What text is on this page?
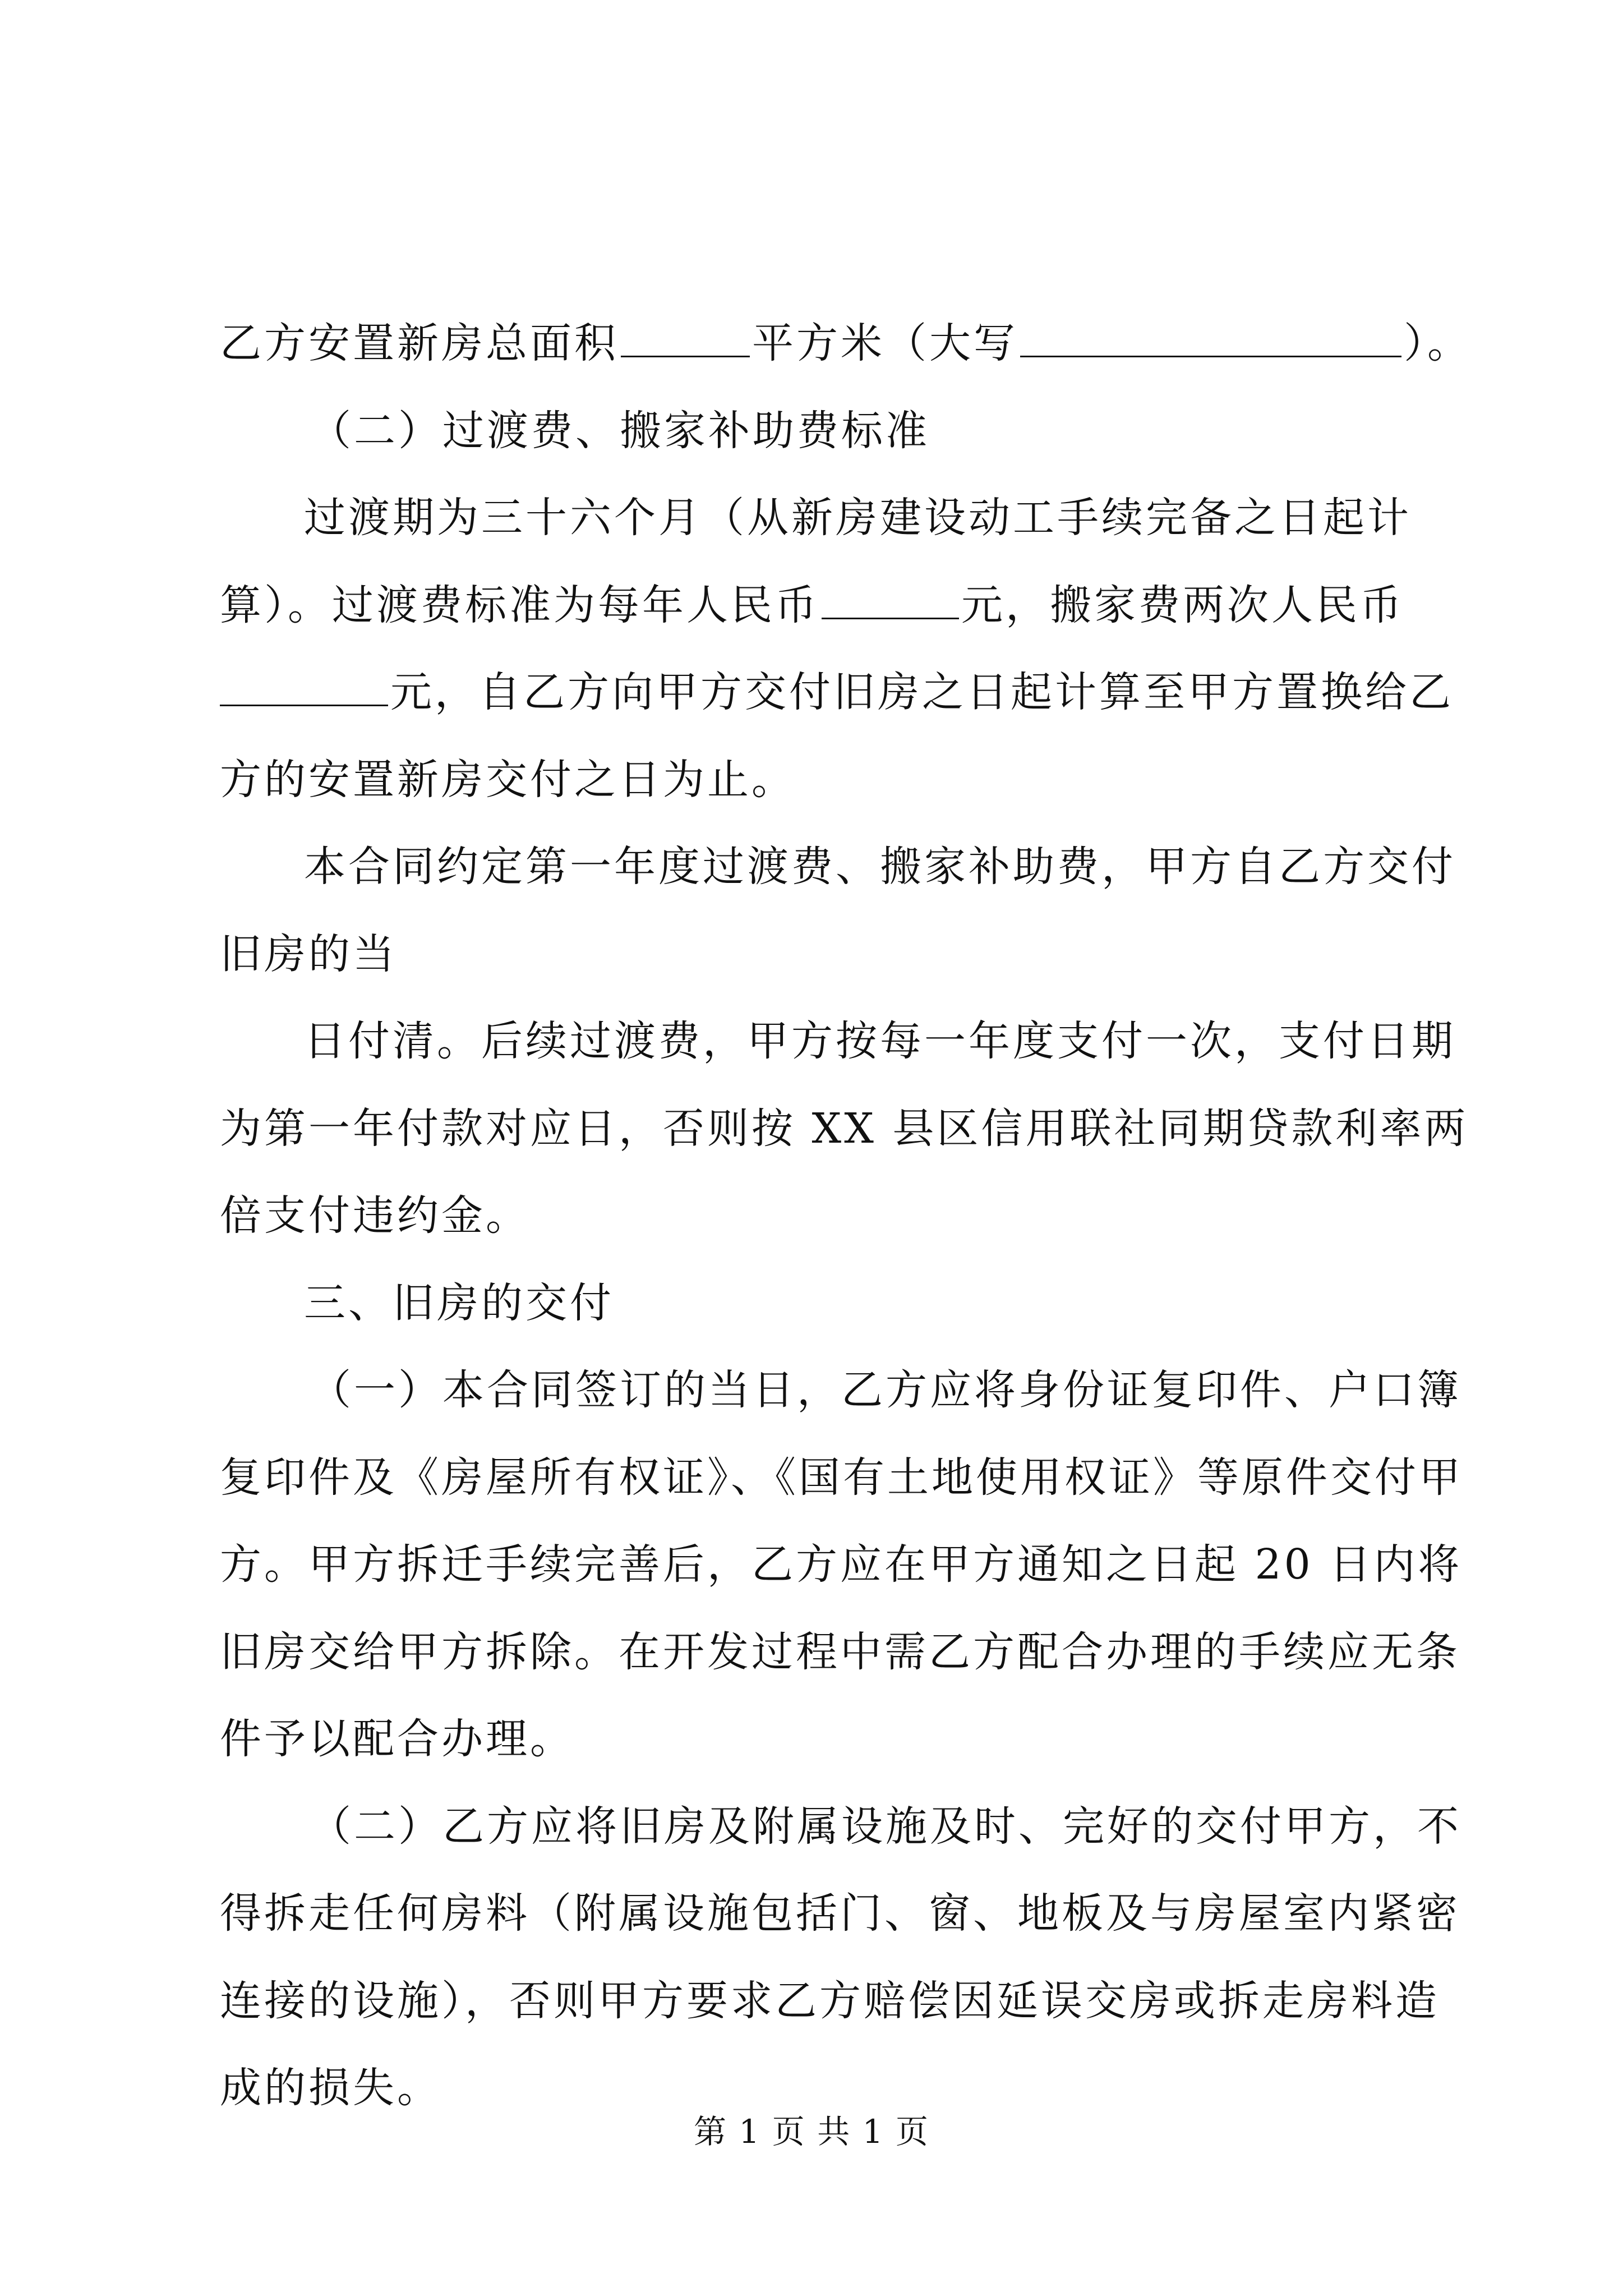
乙方安置新房总面积	平方米（大写	）。
（二）过渡费、搬家补助费标准
过渡期为三十六个月（从新房建设动工手续完备之日起计
算）。过渡费标准为每年人民币	元，搬家费两次人民币
元，自乙方向甲方交付旧房之日起计算至甲方置换给乙
方的安置新房交付之日为止。
本合同约定第一年度过渡费、搬家补助费，甲方自乙方交付
旧房的当
日付清。后续过渡费，甲方按每一年度支付一次，支付日期
为第一年付款对应日，否则按 XX 县区信用联社同期贷款利率两
倍支付违约金。
三、旧房的交付
（一）本合同签订的当日，乙方应将身份证复印件、户口簿
复印件及《房屋所有权证》、《国有土地使用权证》等原件交付甲
方。甲方拆迁手续完善后，乙方应在甲方通知之日起 20 日内将
旧房交给甲方拆除。在开发过程中需乙方配合办理的手续应无条
件予以配合办理。
（二）乙方应将旧房及附属设施及时、完好的交付甲方，不
得拆走任何房料（附属设施包括门、窗、地板及与房屋室内紧密
连接的设施），否则甲方要求乙方赔偿因延误交房或拆走房料造
成的损失。
第 1 页 共 1 页
